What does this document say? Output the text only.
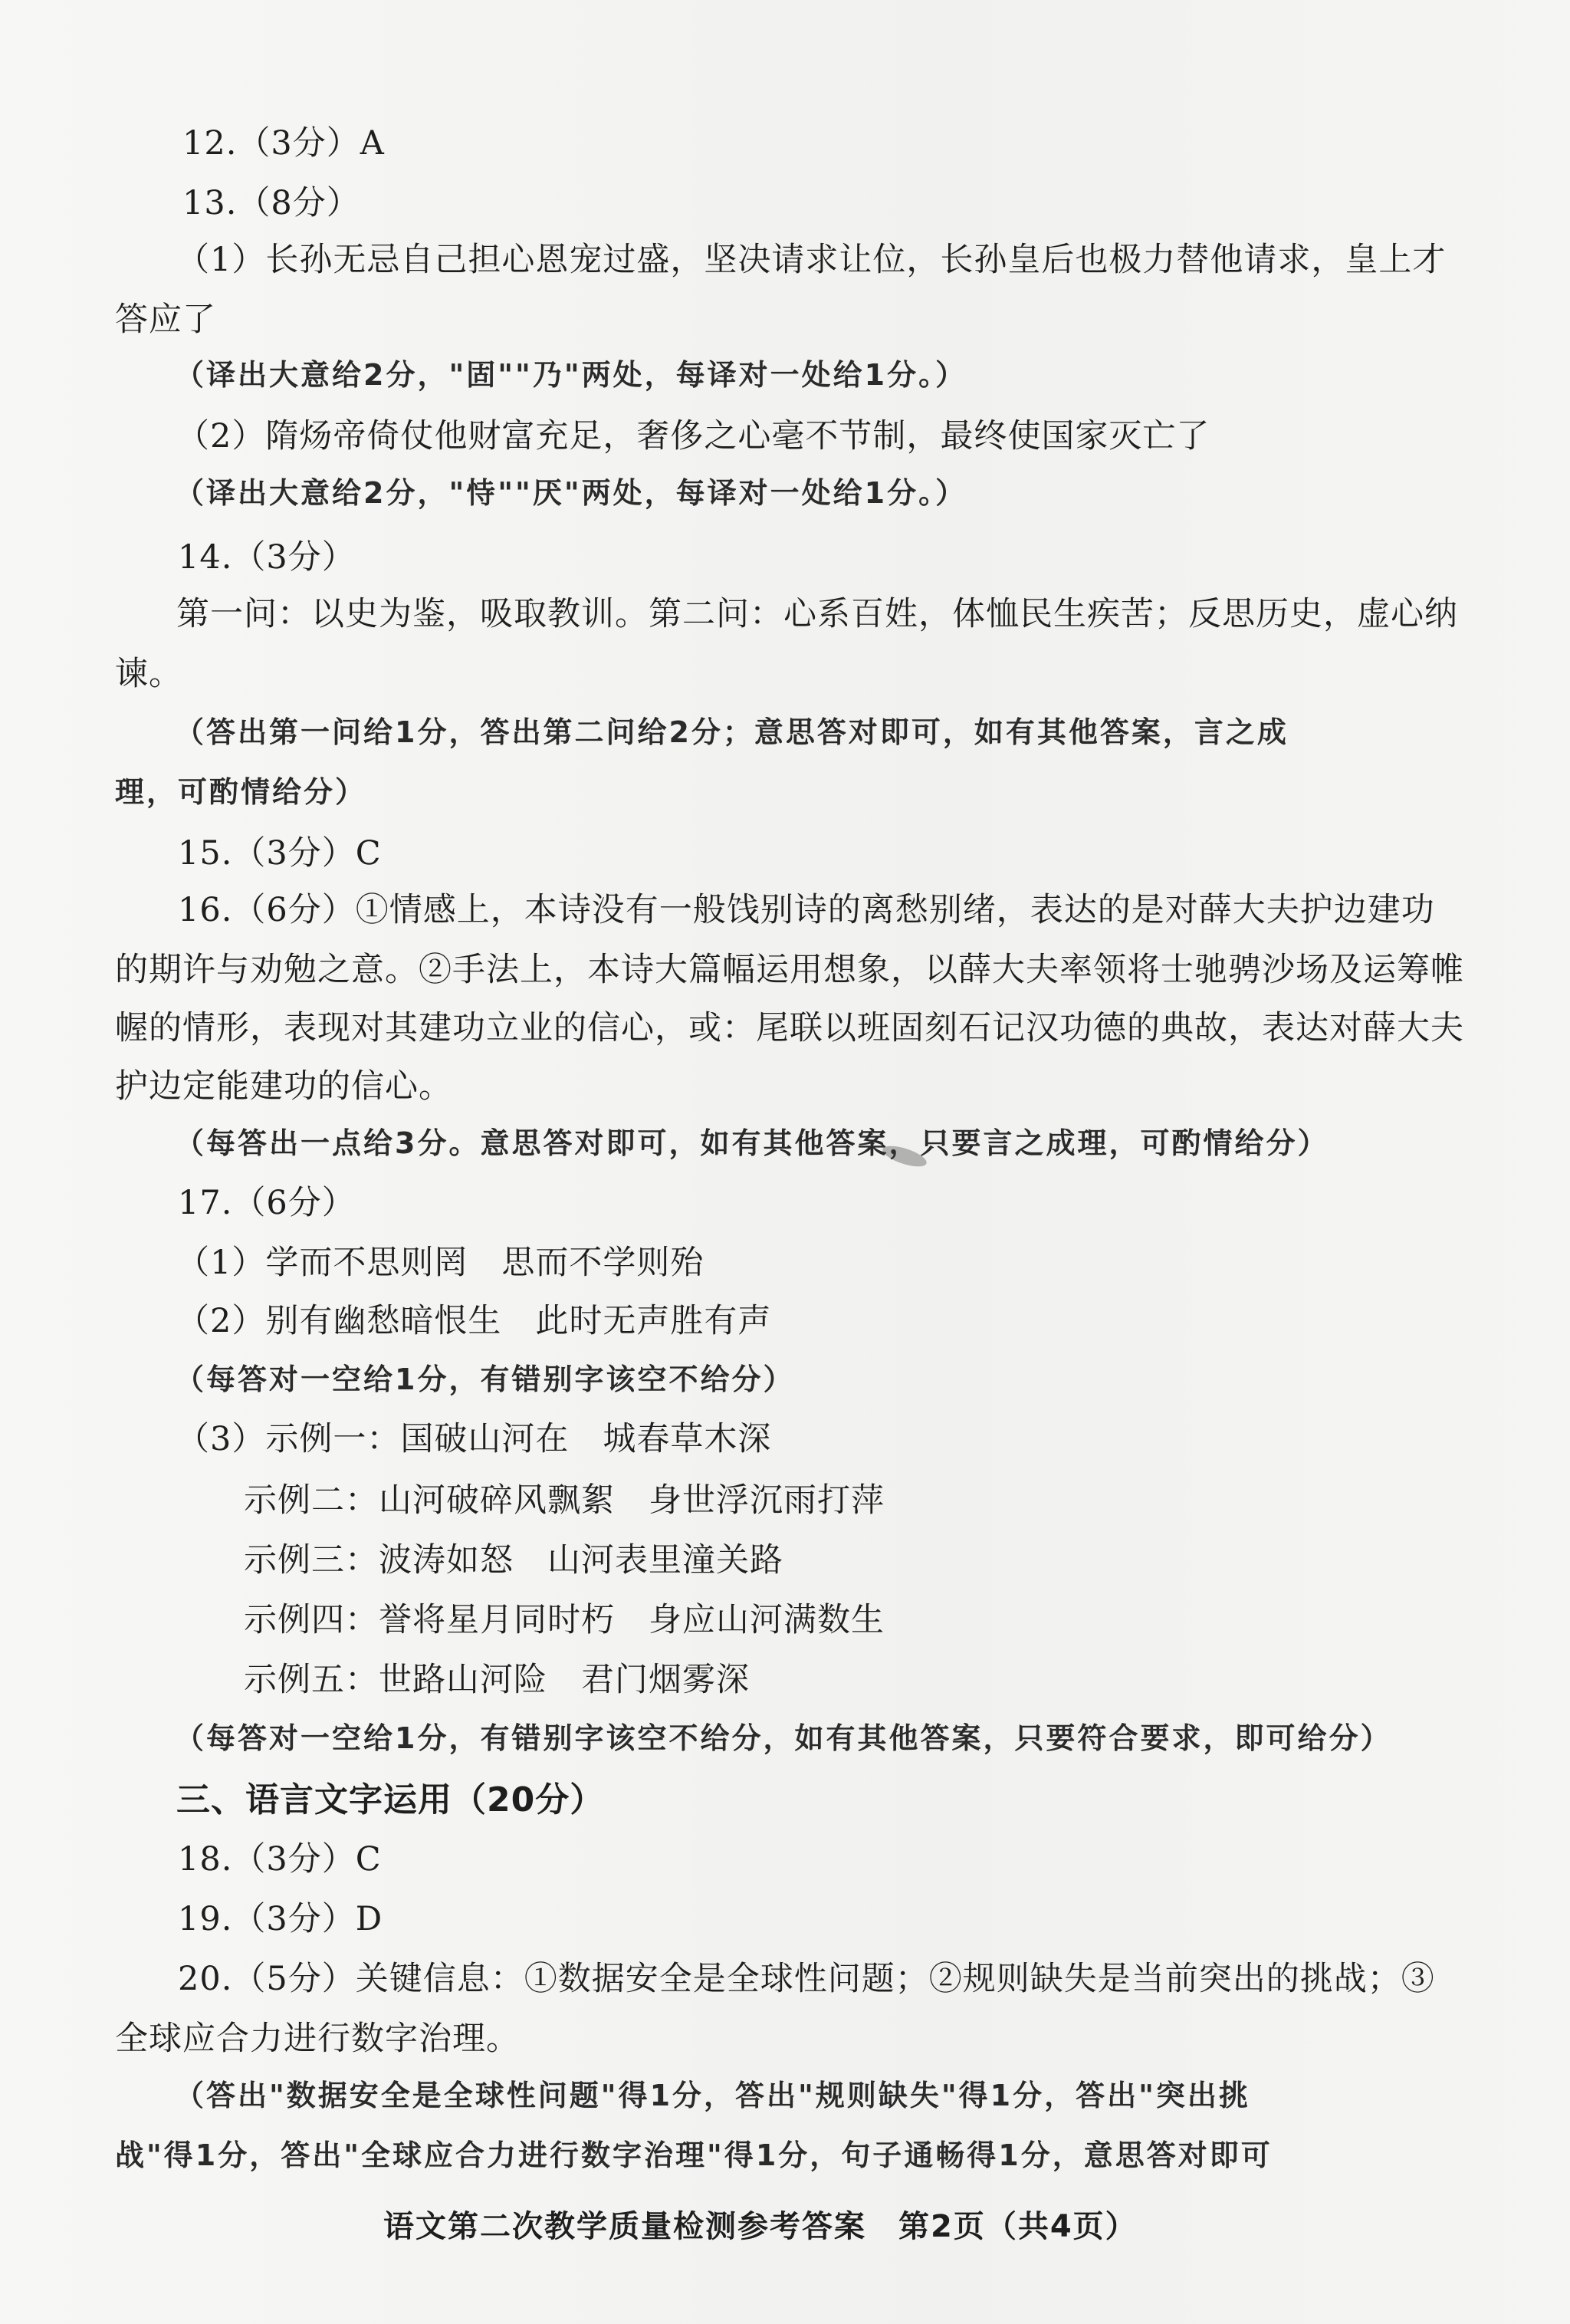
12.（3分）A

13.（8分）

（1）长孙无忌自己担心恩宠过盛，坚决请求让位，长孙皇后也极力替他请求，皇上才

答应了

（译出大意给2分，"固""乃"两处，每译对一处给1分。）

（2）隋炀帝倚仗他财富充足，奢侈之心毫不节制，最终使国家灭亡了

（译出大意给2分，"恃""厌"两处，每译对一处给1分。）

14.（3分）

第一问：以史为鉴，吸取教训。第二问：心系百姓，体恤民生疾苦；反思历史，虚心纳

谏。

（答出第一问给1分，答出第二问给2分；意思答对即可，如有其他答案，言之成

理，可酌情给分）

15.（3分）C

16.（6分）①情感上，本诗没有一般饯别诗的离愁别绪，表达的是对薛大夫护边建功

的期许与劝勉之意。②手法上，本诗大篇幅运用想象，以薛大夫率领将士驰骋沙场及运筹帷

幄的情形，表现对其建功立业的信心，或：尾联以班固刻石记汉功德的典故，表达对薛大夫

护边定能建功的信心。

（每答出一点给3分。意思答对即可，如有其他答案，只要言之成理，可酌情给分）

17.（6分）

（1）学而不思则罔　思而不学则殆

（2）别有幽愁暗恨生　此时无声胜有声

（每答对一空给1分，有错别字该空不给分）

（3）示例一：国破山河在　城春草木深

示例二：山河破碎风飘絮　身世浮沉雨打萍

示例三：波涛如怒　山河表里潼关路

示例四：誉将星月同时朽　身应山河满数生

示例五：世路山河险　君门烟雾深

（每答对一空给1分，有错别字该空不给分，如有其他答案，只要符合要求，即可给分）

三、语言文字运用（20分）

18.（3分）C

19.（3分）D

20.（5分）关键信息：①数据安全是全球性问题；②规则缺失是当前突出的挑战；③

全球应合力进行数字治理。

（答出"数据安全是全球性问题"得1分，答出"规则缺失"得1分，答出"突出挑

战"得1分，答出"全球应合力进行数字治理"得1分，句子通畅得1分，意思答对即可

语文第二次教学质量检测参考答案　第2页（共4页）
